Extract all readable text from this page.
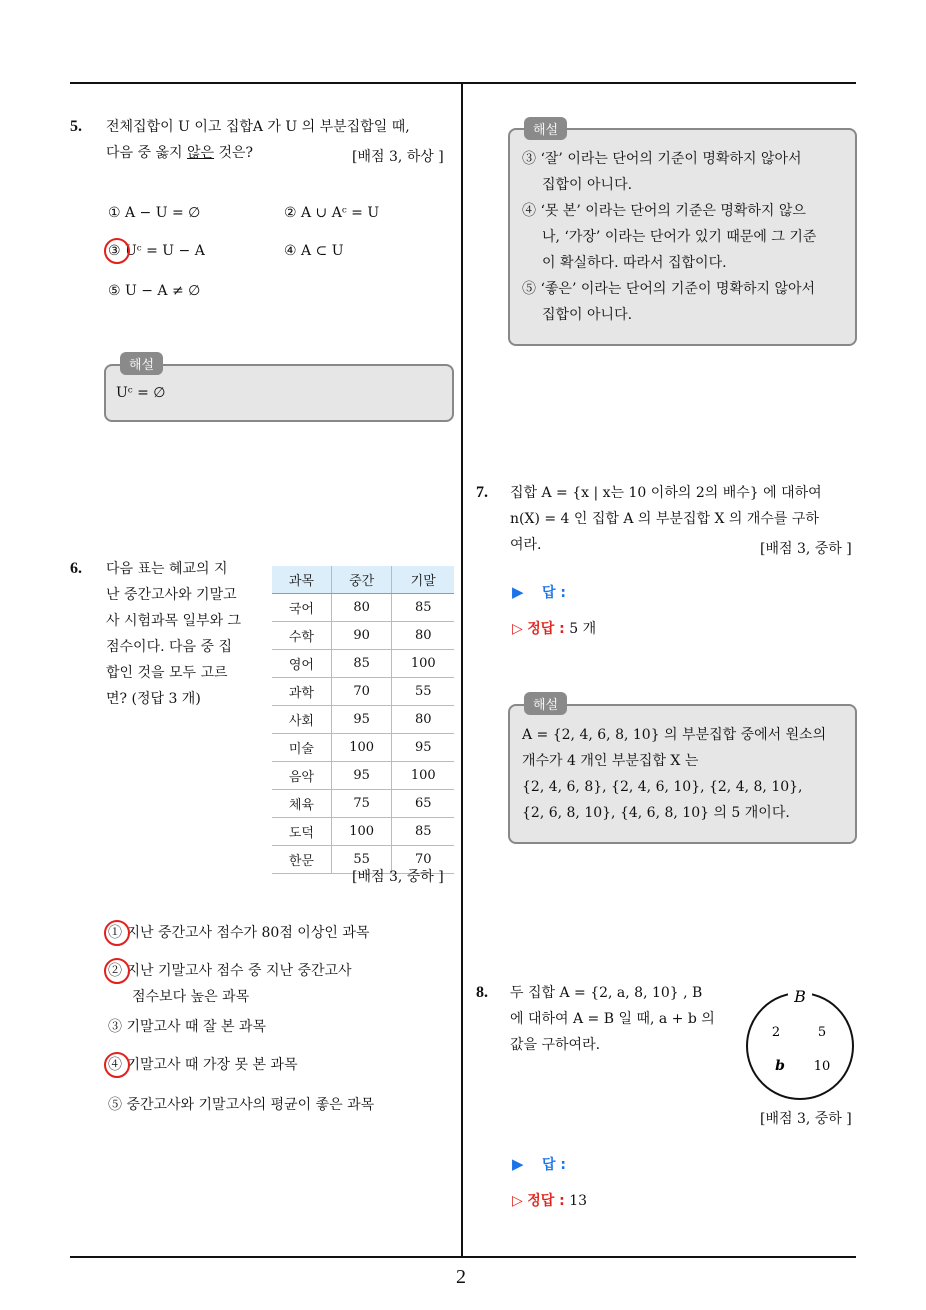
2
5. 전체집합이 U 이고 집합A 가 U 의 부분집합일 때,
다음 중 옳지 않은 것은?	[배점 3, 하상 ]
① A − U = ∅	② A ∪ Aᶜ = U
③ Uᶜ = U − A	④ A ⊂ U
⑤ U − A ≠ ∅
해설
Uᶜ = ∅
6. 다음 표는 혜교의 지
난 중간고사와 기말고
사 시험과목 일부와 그
점수이다. 다음 중 집
합인 것을 모두 고르
면? (정답 3 개)
과목	중간	기말
국어	80	85
수학	90	80
영어	85	100
과학	70	55
사회	95	80
미술	100	95
음악	95	100
체육	75	65
도덕	100	85
한문	55	70
[배점 3, 중하 ]
① 지난 중간고사 점수가 80점 이상인 과목
② 지난 기말고사 점수 중 지난 중간고사
점수보다 높은 과목
③ 기말고사 때 잘 본 과목
④ 기말고사 때 가장 못 본 과목
⑤ 중간고사와 기말고사의 평균이 좋은 과목
해설
③ ‘잘’ 이라는 단어의 기준이 명확하지 않아서
집합이 아니다.
④ ‘못 본’ 이라는 단어의 기준은 명확하지 않으
나, ‘가장’ 이라는 단어가 있기 때문에 그 기준
이 확실하다. 따라서 집합이다.
⑤ ‘좋은’ 이라는 단어의 기준이 명확하지 않아서
집합이 아니다.
7. 집합 A = {x | x는 10 이하의 2의 배수} 에 대하여
n(X) = 4 인 집합 A 의 부분집합 X 의 개수를 구하
여라.	[배점 3, 중하 ]
▶ 답 :
▷ 정답 : 5 개
해설
A = {2, 4, 6, 8, 10} 의 부분집합 중에서 원소의
개수가 4 개인 부분집합 X 는
{2, 4, 6, 8}, {2, 4, 6, 10}, {2, 4, 8, 10},
{2, 6, 8, 10}, {4, 6, 8, 10} 의 5 개이다.
8. 두 집합 A = {2, a, 8, 10} , B
에 대하여 A = B 일 때, a + b 의
값을 구하여라.
B
2	5
b 10
[배점 3, 중하 ]
▶ 답 :
▷ 정답 : 13
